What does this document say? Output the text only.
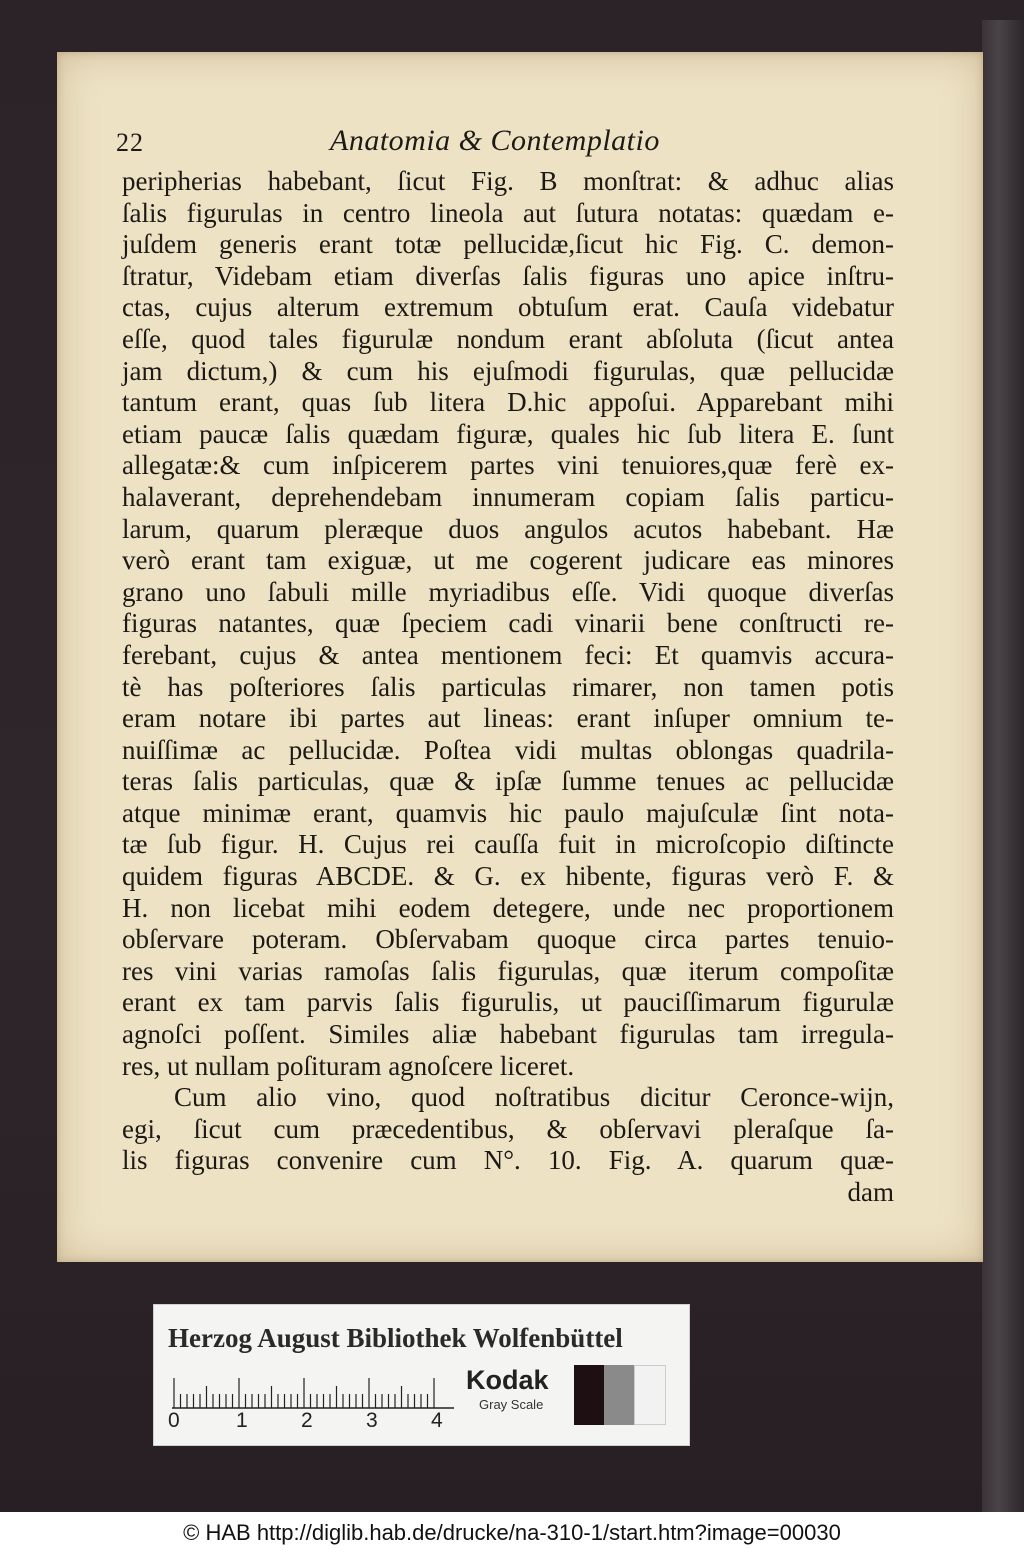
22	Anatomia & Contemplatio
peripherias habebant, ſicut Fig. B monſtrat: & adhuc alias
ſalis figurulas in centro lineola aut ſutura notatas: quædam e-
juſdem generis erant totæ pellucidæ,ſicut hic Fig. C. demon-
ſtratur, Videbam etiam diverſas ſalis figuras uno apice inſtru-
ctas, cujus alterum extremum obtuſum erat. Cauſa videbatur
eſſe, quod tales figurulæ nondum erant abſoluta (ſicut antea
jam dictum,) & cum his ejuſmodi figurulas, quæ pellucidæ
tantum erant, quas ſub litera D.hic appoſui. Apparebant mihi
etiam paucæ ſalis quædam figuræ, quales hic ſub litera E. ſunt
allegatæ:& cum inſpicerem partes vini tenuiores,quæ ferè ex-
halaverant, deprehendebam innumeram copiam ſalis particu-
larum, quarum pleræque duos angulos acutos habebant. Hæ
verò erant tam exiguæ, ut me cogerent judicare eas minores
grano uno ſabuli mille myriadibus eſſe. Vidi quoque diverſas
figuras natantes, quæ ſpeciem cadi vinarii bene conſtructi re-
ferebant, cujus & antea mentionem feci: Et quamvis accura-
tè has poſteriores ſalis particulas rimarer, non tamen potis
eram notare ibi partes aut lineas: erant inſuper omnium te-
nuiſſimæ ac pellucidæ. Poſtea vidi multas oblongas quadrila-
teras ſalis particulas, quæ & ipſæ ſumme tenues ac pellucidæ
atque minimæ erant, quamvis hic paulo majuſculæ ſint nota-
tæ ſub figur. H. Cujus rei cauſſa fuit in microſcopio diſtincte
quidem figuras ABCDE. & G. ex hibente, figuras verò F. &
H. non licebat mihi eodem detegere, unde nec proportionem
obſervare poteram. Obſervabam quoque circa partes tenuio-
res vini varias ramoſas ſalis figurulas, quæ iterum compoſitæ
erant ex tam parvis ſalis figurulis, ut pauciſſimarum figurulæ
agnoſci poſſent. Similes aliæ habebant figurulas tam irregula-
res, ut nullam poſituram agnoſcere liceret.
Cum alio vino, quod noſtratibus dicitur Ceronce-wijn,
egi, ſicut cum præcedentibus, & obſervavi pleraſque ſa-
lis figuras convenire cum N°. 10. Fig. A. quarum quæ-
dam
Herzog August Bibliothek Wolfenbüttel
0	1	2	3	4
Kodak
Gray Scale
© HAB http://diglib.hab.de/drucke/na-310-1/start.htm?image=00030
